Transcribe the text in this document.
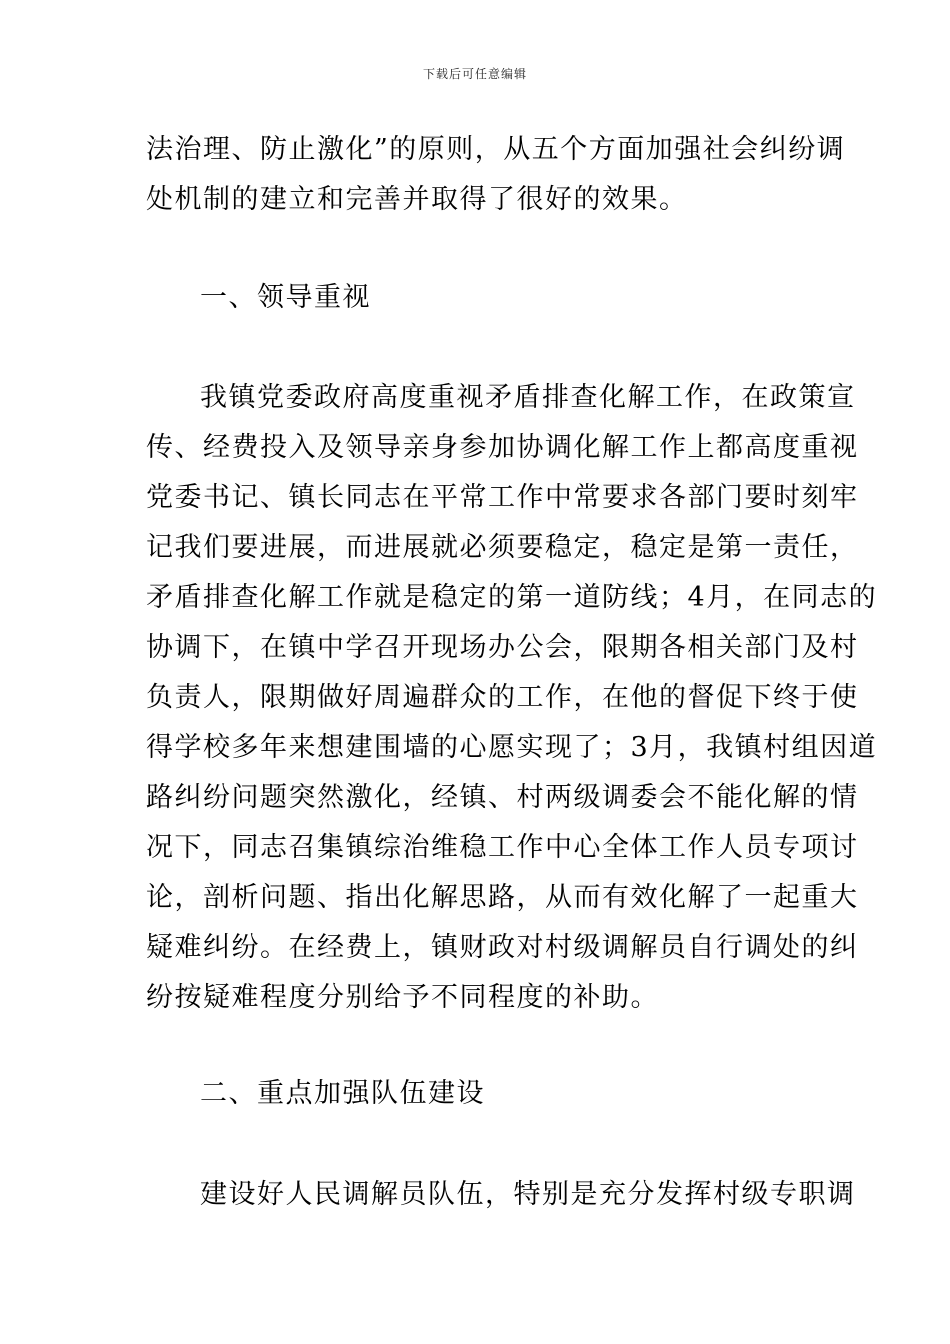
下载后可任意编辑
法治理、防止激化”的原则，从五个方面加强社会纠纷调
处机制的建立和完善并取得了很好的效果。
一、领导重视
我镇党委政府高度重视矛盾排查化解工作，在政策宣
传、经费投入及领导亲身参加协调化解工作上都高度重视
党委书记、镇长同志在平常工作中常要求各部门要时刻牢
记我们要进展，而进展就必须要稳定，稳定是第一责任，
矛盾排查化解工作就是稳定的第一道防线；4月，在同志的
协调下，在镇中学召开现场办公会，限期各相关部门及村
负责人，限期做好周遍群众的工作，在他的督促下终于使
得学校多年来想建围墙的心愿实现了；3月，我镇村组因道
路纠纷问题突然激化，经镇、村两级调委会不能化解的情
况下，同志召集镇综治维稳工作中心全体工作人员专项讨
论，剖析问题、指出化解思路，从而有效化解了一起重大
疑难纠纷。在经费上，镇财政对村级调解员自行调处的纠
纷按疑难程度分别给予不同程度的补助。
二、重点加强队伍建设
建设好人民调解员队伍，特别是充分发挥村级专职调
